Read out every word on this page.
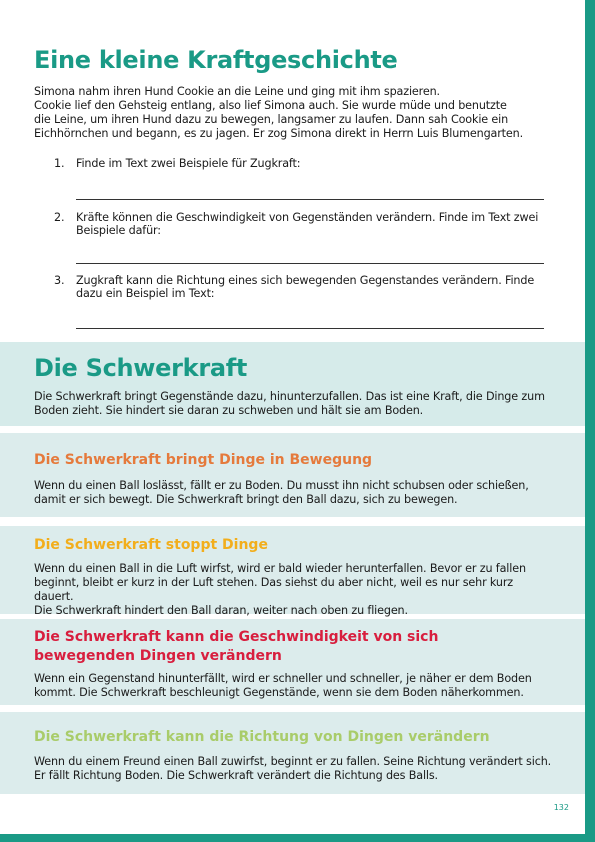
Eine kleine Kraftgeschichte

Simona nahm ihren Hund Cookie an die Leine und ging mit ihm spazieren.
Cookie lief den Gehsteig entlang, also lief Simona auch. Sie wurde müde und benutzte
die Leine, um ihren Hund dazu zu bewegen, langsamer zu laufen. Dann sah Cookie ein
Eichhörnchen und begann, es zu jagen. Er zog Simona direkt in Herrn Luis Blumengarten.

1. Finde im Text zwei Beispiele für Zugkraft:
2. Kräfte können die Geschwindigkeit von Gegenständen verändern. Finde im Text zwei
Beispiele dafür:
3. Zugkraft kann die Richtung eines sich bewegenden Gegenstandes verändern. Finde
dazu ein Beispiel im Text:
Die Schwerkraft

Die Schwerkraft bringt Gegenstände dazu, hinunterzufallen. Das ist eine Kraft, die Dinge zum
Boden zieht. Sie hindert sie daran zu schweben und hält sie am Boden.

Die Schwerkraft bringt Dinge in Bewegung

Wenn du einen Ball loslässt, fällt er zu Boden. Du musst ihn nicht schubsen oder schießen,
damit er sich bewegt. Die Schwerkraft bringt den Ball dazu, sich zu bewegen.

Die Schwerkraft stoppt Dinge

Wenn du einen Ball in die Luft wirfst, wird er bald wieder herunterfallen. Bevor er zu fallen
beginnt, bleibt er kurz in der Luft stehen. Das siehst du aber nicht, weil es nur sehr kurz dauert.
Die Schwerkraft hindert den Ball daran, weiter nach oben zu fliegen.

Die Schwerkraft kann die Geschwindigkeit von sich
bewegenden Dingen verändern

Wenn ein Gegenstand hinunterfällt, wird er schneller und schneller, je näher er dem Boden
kommt. Die Schwerkraft beschleunigt Gegenstände, wenn sie dem Boden näherkommen.

Die Schwerkraft kann die Richtung von Dingen verändern

Wenn du einem Freund einen Ball zuwirfst, beginnt er zu fallen. Seine Richtung verändert sich.
Er fällt Richtung Boden. Die Schwerkraft verändert die Richtung des Balls.

132
